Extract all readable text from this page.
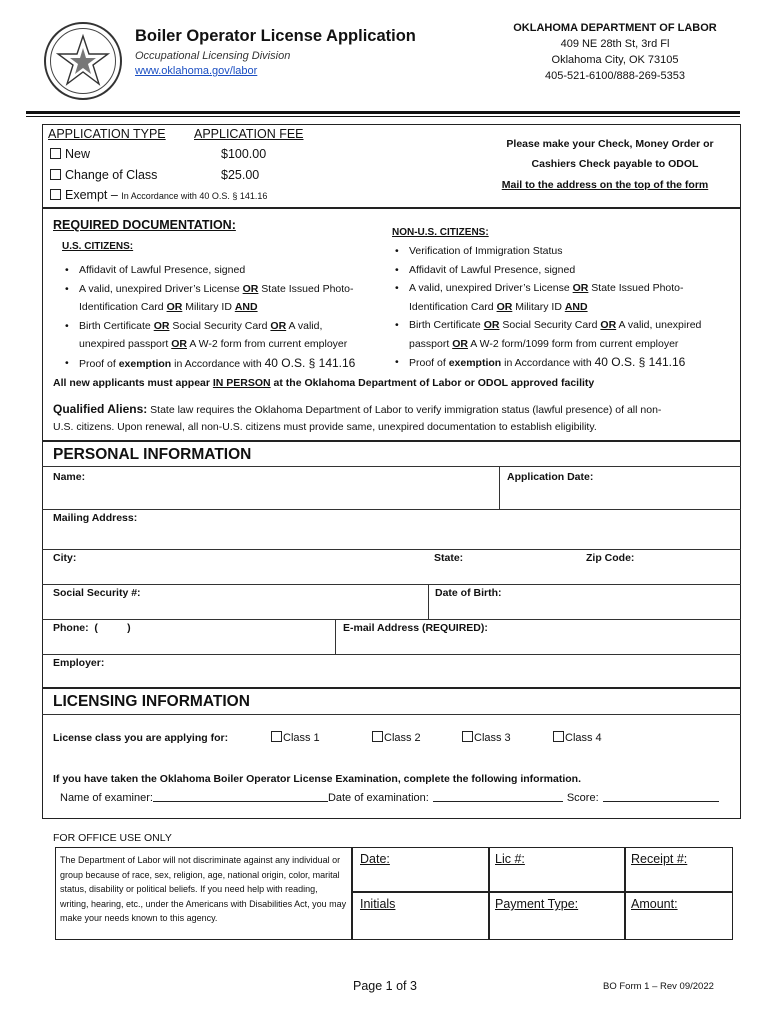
Boiler Operator License Application
Occupational Licensing Division
www.oklahoma.gov/labor
OKLAHOMA DEPARTMENT OF LABOR
409 NE 28th St, 3rd Fl
Oklahoma City, OK 73105
405-521-6100/888-269-5353
APPLICATION TYPE APPLICATION FEE
New	$100.00
Change of Class	$25.00
Exempt – In Accordance with 40 O.S. § 141.16
Please make your Check, Money Order or
Cashiers Check payable to ODOL
Mail to the address on the top of the form
REQUIRED DOCUMENTATION:
U.S. CITIZENS:
NON-U.S. CITIZENS:
• Affidavit of Lawful Presence, signed
• A valid, unexpired Driver’s License OR State Issued Photo-
Identification Card OR Military ID AND
• Birth Certificate OR Social Security Card OR A valid,
unexpired passport OR A W-2 form from current employer
• Proof of exemption in Accordance with 40 O.S. § 141.16
• Verification of Immigration Status
• Affidavit of Lawful Presence, signed
• A valid, unexpired Driver’s License OR State Issued Photo-
Identification Card OR Military ID AND
• Birth Certificate OR Social Security Card OR A valid, unexpired
passport OR A W-2 form/1099 form from current employer
• Proof of exemption in Accordance with 40 O.S. § 141.16
All new applicants must appear IN PERSON at the Oklahoma Department of Labor or ODOL approved facility
Qualified Aliens: State law requires the Oklahoma Department of Labor to verify immigration status (lawful presence) of all non-
U.S. citizens. Upon renewal, all non-U.S. citizens must provide same, unexpired documentation to establish eligibility.
PERSONAL INFORMATION
Name:	Application Date:
Mailing Address:
City:	State:	Zip Code:
Social Security #:	Date of Birth:
Phone:  (          )	E-mail Address (REQUIRED):
Employer:
LICENSING INFORMATION
License class you are applying for:	Class 1	Class 2	Class 3	Class 4
If you have taken the Oklahoma Boiler Operator License Examination, complete the following information.
Name of examiner:	Date of examination:	Score:
FOR OFFICE USE ONLY
The Department of Labor will not discriminate against any individual or group because of race, sex, religion, age, national origin, color, marital status, disability or political beliefs. If you need help with reading, writing, hearing, etc., under the Americans with Disabilities Act, you may make your needs known to this agency.
Date:	Lic #:	Receipt #:
Initials	Payment Type:	Amount:
Page 1 of 3	BO Form 1 – Rev 09/2022
